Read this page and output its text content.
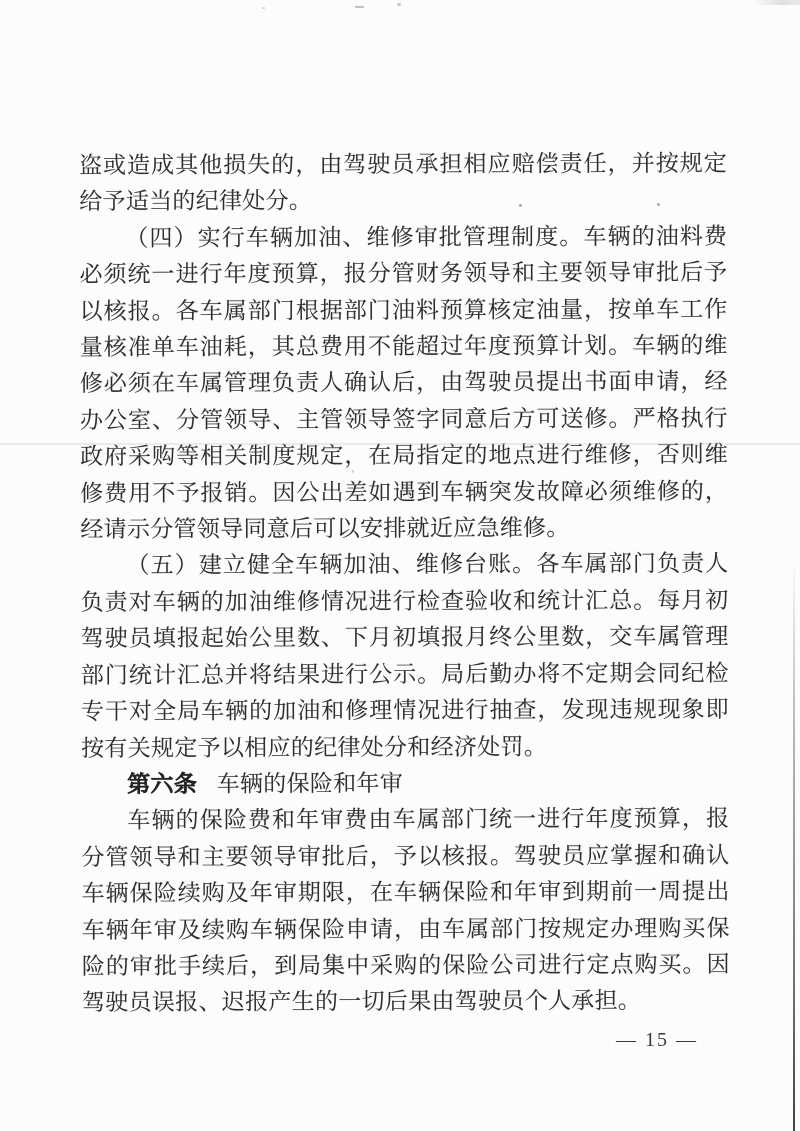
盗或造成其他损失的，由驾驶员承担相应赔偿责任，并按规定给予适当的纪律处分。

（四）实行车辆加油、维修审批管理制度。车辆的油料费必须统一进行年度预算，报分管财务领导和主要领导审批后予以核报。各车属部门根据部门油料预算核定油量，按单车工作量核准单车油耗，其总费用不能超过年度预算计划。车辆的维修必须在车属管理负责人确认后，由驾驶员提出书面申请，经办公室、分管领导、主管领导签字同意后方可送修。严格执行政府采购等相关制度规定，在局指定的地点进行维修，否则维修费用不予报销。因公出差如遇到车辆突发故障必须维修的，经请示分管领导同意后可以安排就近应急维修。

（五）建立健全车辆加油、维修台账。各车属部门负责人负责对车辆的加油维修情况进行检查验收和统计汇总。每月初驾驶员填报起始公里数、下月初填报月终公里数，交车属管理部门统计汇总并将结果进行公示。局后勤办将不定期会同纪检专干对全局车辆的加油和修理情况进行抽查，发现违规现象即按有关规定予以相应的纪律处分和经济处罚。

第六条 车辆的保险和年审

车辆的保险费和年审费由车属部门统一进行年度预算，报分管领导和主要领导审批后，予以核报。驾驶员应掌握和确认车辆保险续购及年审期限，在车辆保险和年审到期前一周提出车辆年审及续购车辆保险申请，由车属部门按规定办理购买保险的审批手续后，到局集中采购的保险公司进行定点购买。因驾驶员误报、迟报产生的一切后果由驾驶员个人承担。

— 15 —
